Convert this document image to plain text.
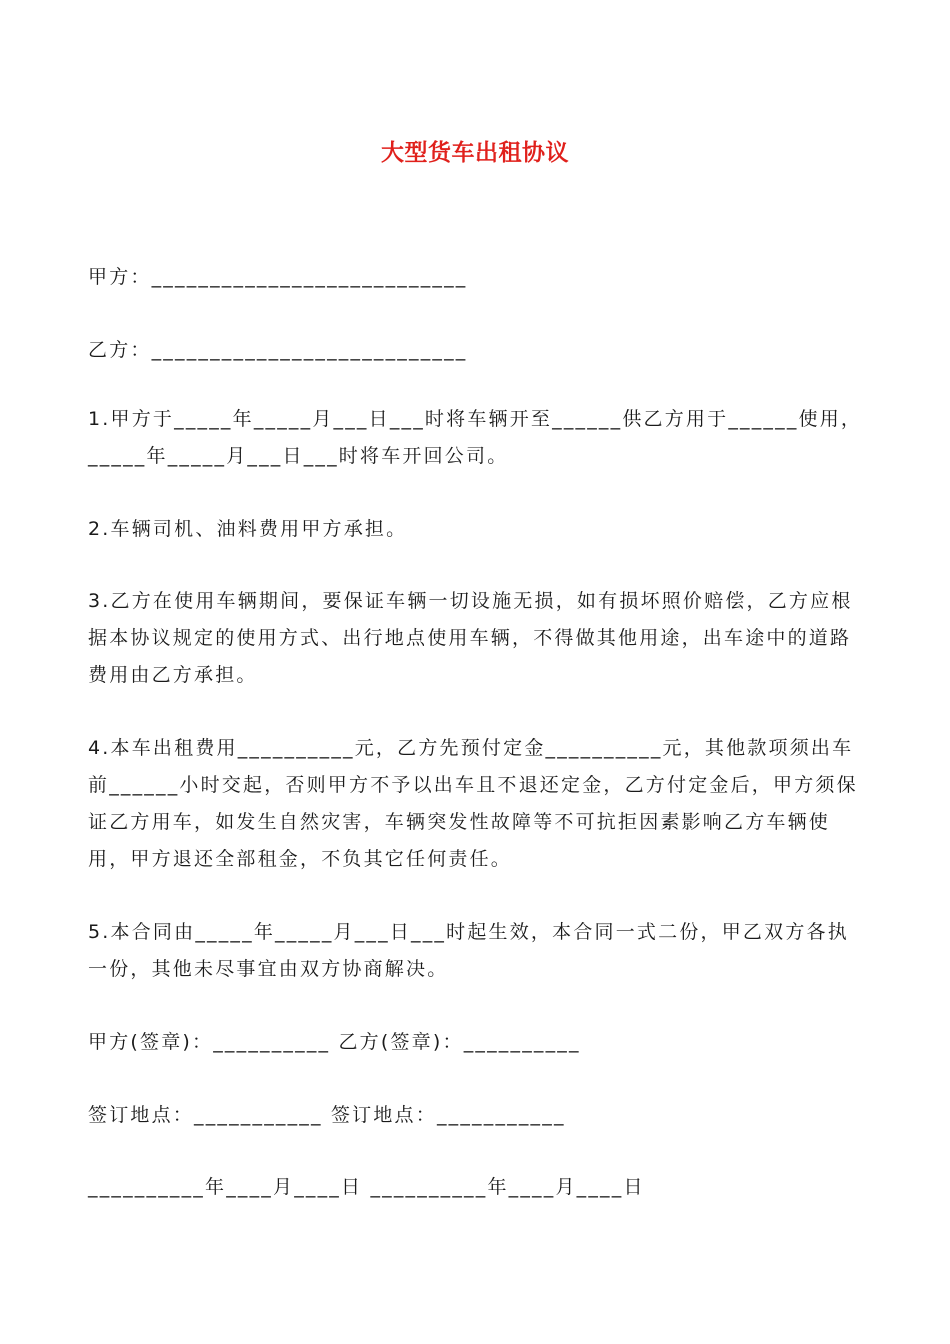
大型货车出租协议
甲方：___________________________
乙方：___________________________
1.甲方于_____年_____月___日___时将车辆开至______供乙方用于______使用，_____年_____月___日___时将车开回公司。
2.车辆司机、油料费用甲方承担。
3.乙方在使用车辆期间，要保证车辆一切设施无损，如有损坏照价赔偿，乙方应根据本协议规定的使用方式、出行地点使用车辆，不得做其他用途，出车途中的道路费用由乙方承担。
4.本车出租费用__________元，乙方先预付定金__________元，其他款项须出车前______小时交起，否则甲方不予以出车且不退还定金，乙方付定金后，甲方须保证乙方用车，如发生自然灾害，车辆突发性故障等不可抗拒因素影响乙方车辆使用，甲方退还全部租金，不负其它任何责任。
5.本合同由_____年_____月___日___时起生效，本合同一式二份，甲乙双方各执一份，其他未尽事宜由双方协商解决。
甲方(签章)：__________ 乙方(签章)：__________
签订地点：___________ 签订地点：___________
__________年____月____日 __________年____月____日
